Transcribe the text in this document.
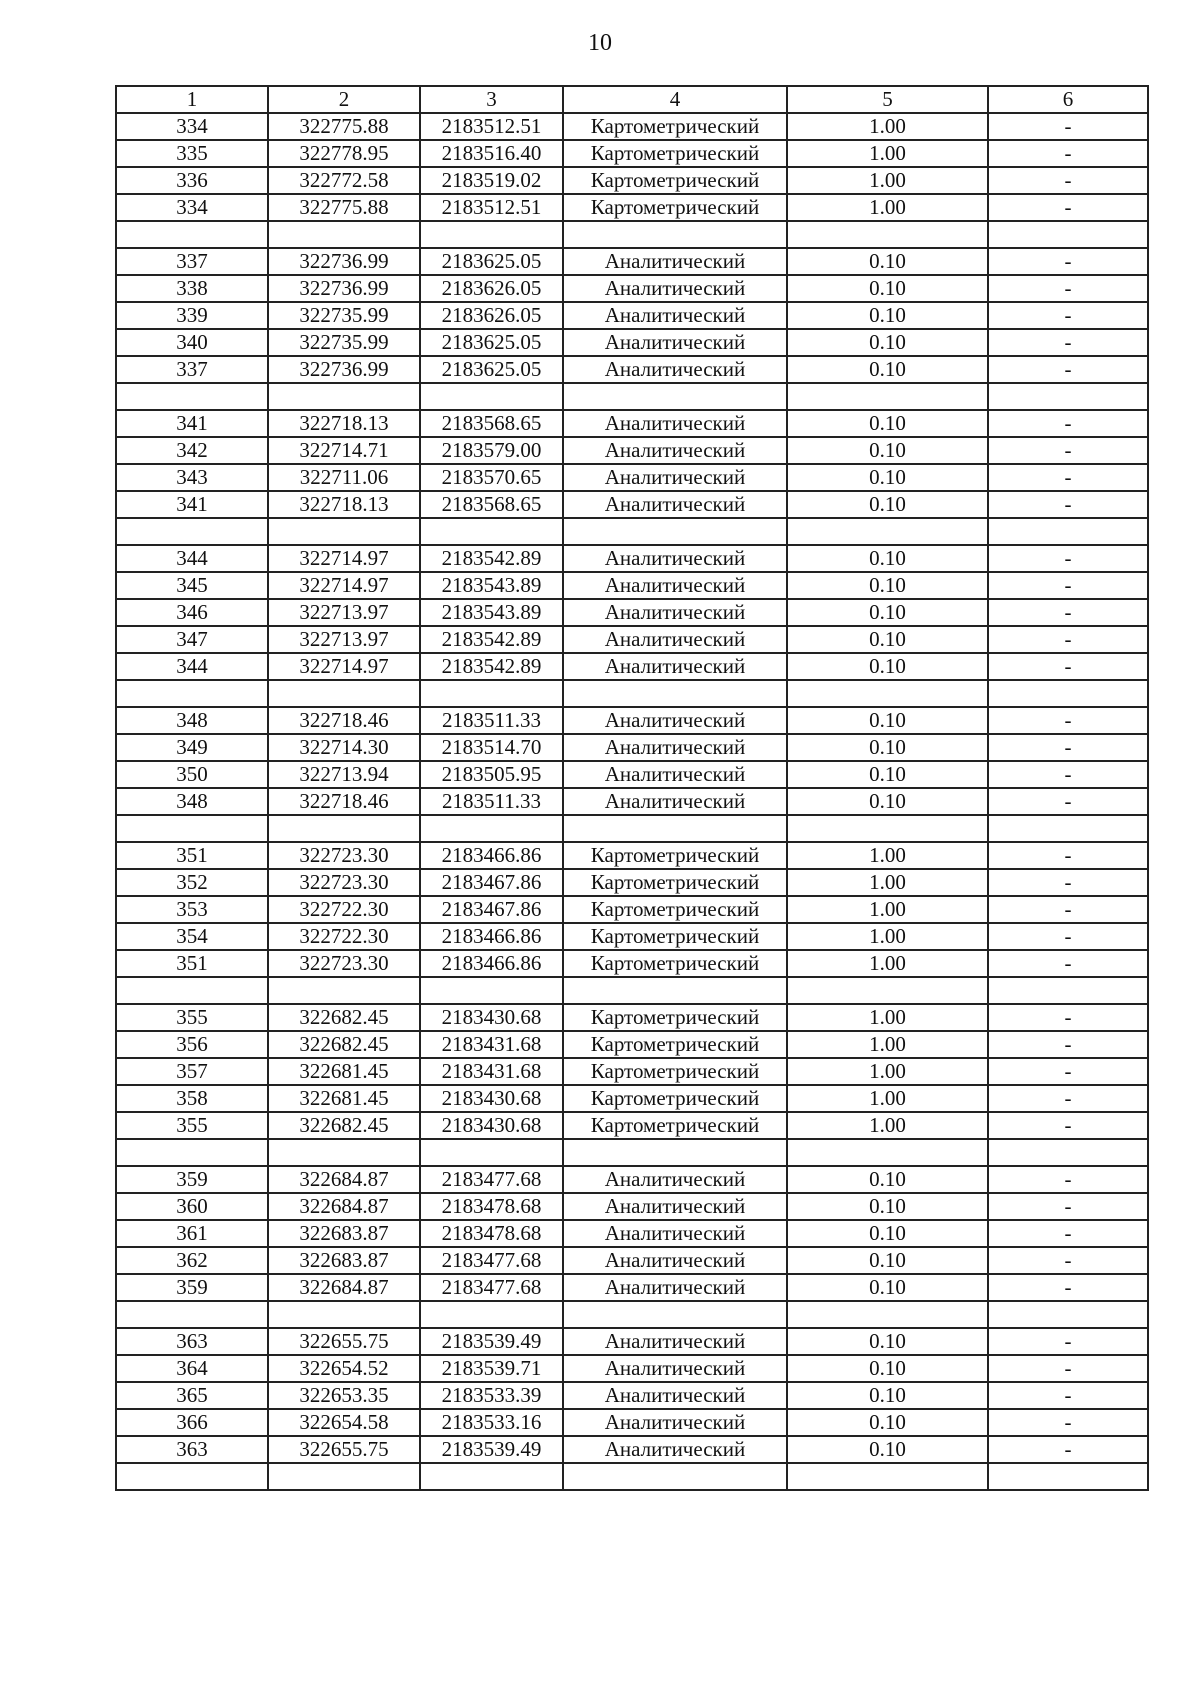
10
1	2	3	4	5	6
334	322775.88	2183512.51	Картометрический	1.00	-
335	322778.95	2183516.40	Картометрический	1.00	-
336	322772.58	2183519.02	Картометрический	1.00	-
334	322775.88	2183512.51	Картометрический	1.00	-

337	322736.99	2183625.05	Аналитический	0.10	-
338	322736.99	2183626.05	Аналитический	0.10	-
339	322735.99	2183626.05	Аналитический	0.10	-
340	322735.99	2183625.05	Аналитический	0.10	-
337	322736.99	2183625.05	Аналитический	0.10	-

341	322718.13	2183568.65	Аналитический	0.10	-
342	322714.71	2183579.00	Аналитический	0.10	-
343	322711.06	2183570.65	Аналитический	0.10	-
341	322718.13	2183568.65	Аналитический	0.10	-

344	322714.97	2183542.89	Аналитический	0.10	-
345	322714.97	2183543.89	Аналитический	0.10	-
346	322713.97	2183543.89	Аналитический	0.10	-
347	322713.97	2183542.89	Аналитический	0.10	-
344	322714.97	2183542.89	Аналитический	0.10	-

348	322718.46	2183511.33	Аналитический	0.10	-
349	322714.30	2183514.70	Аналитический	0.10	-
350	322713.94	2183505.95	Аналитический	0.10	-
348	322718.46	2183511.33	Аналитический	0.10	-

351	322723.30	2183466.86	Картометрический	1.00	-
352	322723.30	2183467.86	Картометрический	1.00	-
353	322722.30	2183467.86	Картометрический	1.00	-
354	322722.30	2183466.86	Картометрический	1.00	-
351	322723.30	2183466.86	Картометрический	1.00	-

355	322682.45	2183430.68	Картометрический	1.00	-
356	322682.45	2183431.68	Картометрический	1.00	-
357	322681.45	2183431.68	Картометрический	1.00	-
358	322681.45	2183430.68	Картометрический	1.00	-
355	322682.45	2183430.68	Картометрический	1.00	-

359	322684.87	2183477.68	Аналитический	0.10	-
360	322684.87	2183478.68	Аналитический	0.10	-
361	322683.87	2183478.68	Аналитический	0.10	-
362	322683.87	2183477.68	Аналитический	0.10	-
359	322684.87	2183477.68	Аналитический	0.10	-

363	322655.75	2183539.49	Аналитический	0.10	-
364	322654.52	2183539.71	Аналитический	0.10	-
365	322653.35	2183533.39	Аналитический	0.10	-
366	322654.58	2183533.16	Аналитический	0.10	-
363	322655.75	2183539.49	Аналитический	0.10	-
